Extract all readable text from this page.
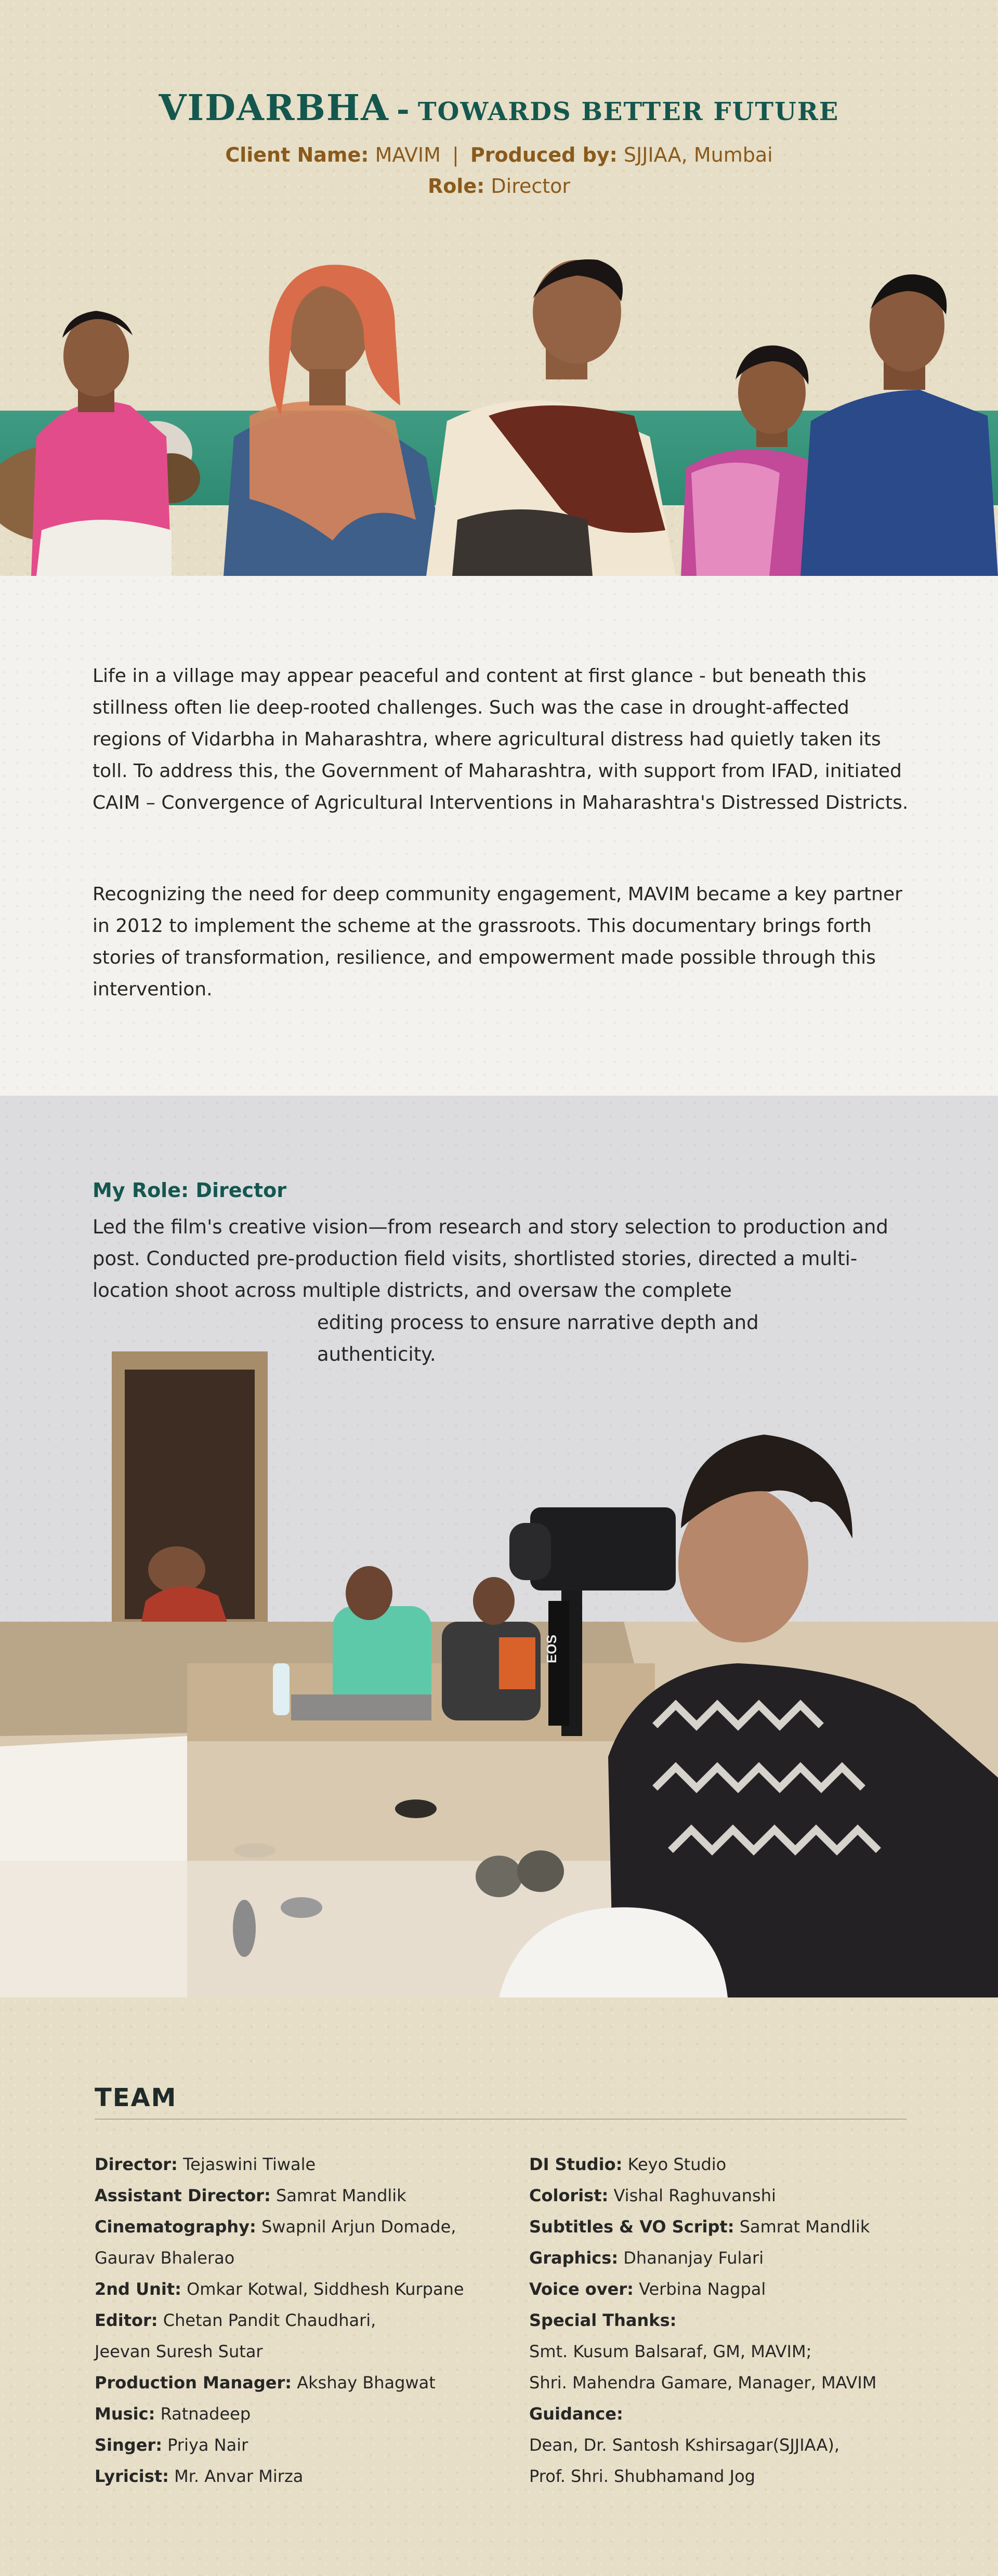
VIDARBHA - TOWARDS BETTER FUTURE
Client Name: MAVIM | Produced by: SJJIAA, Mumbai
Role: Director

Life in a village may appear peaceful and content at first glance - but beneath this stillness often lie deep-rooted challenges. Such was the case in drought-affected regions of Vidarbha in Maharashtra, where agricultural distress had quietly taken its toll. To address this, the Government of Maharashtra, with support from IFAD, initiated CAIM – Convergence of Agricultural Interventions in Maharashtra's Distressed Districts.

Recognizing the need for deep community engagement, MAVIM became a key partner in 2012 to implement the scheme at the grassroots. This documentary brings forth stories of transformation, resilience, and empowerment made possible through this intervention.

My Role: Director

Led the film's creative vision—from research and story selection to production and post. Conducted pre-production field visits, shortlisted stories, directed a multi-location shoot across multiple districts, and oversaw the complete

editing process to ensure narrative depth and authenticity.

EOS
TEAM
Director: Tejaswini Tiwale
Assistant Director: Samrat Mandlik
Cinematography: Swapnil Arjun Domade,
Gaurav Bhalerao
2nd Unit: Omkar Kotwal, Siddhesh Kurpane
Editor: Chetan Pandit Chaudhari,
Jeevan Suresh Sutar
Production Manager: Akshay Bhagwat
Music: Ratnadeep
Singer: Priya Nair
Lyricist: Mr. Anvar Mirza
DI Studio: Keyo Studio
Colorist: Vishal Raghuvanshi
Subtitles & VO Script: Samrat Mandlik
Graphics: Dhananjay Fulari
Voice over: Verbina Nagpal
Special Thanks:
Smt. Kusum Balsaraf, GM, MAVIM;
Shri. Mahendra Gamare, Manager, MAVIM
Guidance:
Dean, Dr. Santosh Kshirsagar(SJJIAA),
Prof. Shri. Shubhamand Jog
